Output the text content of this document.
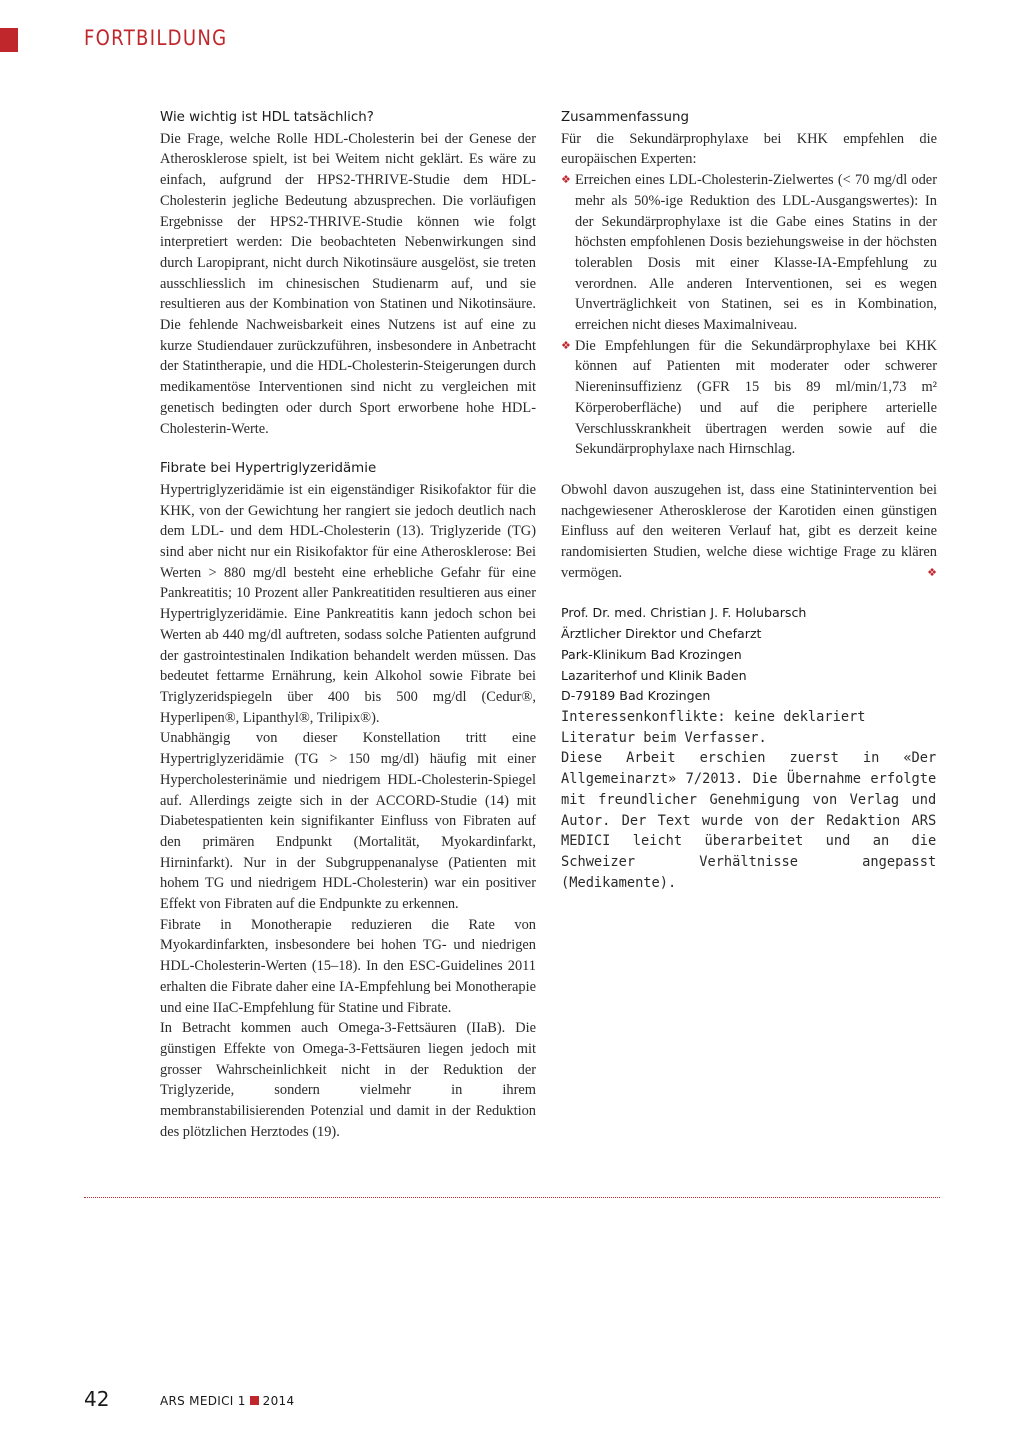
FORTBILDUNG
Wie wichtig ist HDL tatsächlich?

Die Frage, welche Rolle HDL-Cholesterin bei der Genese der Atherosklerose spielt, ist bei Weitem nicht geklärt. Es wäre zu einfach, aufgrund der HPS2-THRIVE-Studie dem HDL-Cholesterin jegliche Bedeutung abzusprechen. Die vorläufigen Ergebnisse der HPS2-THRIVE-Studie können wie folgt interpretiert werden: Die beobachteten Nebenwirkungen sind durch Laropiprant, nicht durch Nikotinsäure ausgelöst, sie treten ausschliesslich im chinesischen Studienarm auf, und sie resultieren aus der Kombination von Statinen und Nikotinsäure. Die fehlende Nachweisbarkeit eines Nutzens ist auf eine zu kurze Studiendauer zurückzuführen, insbesondere in Anbetracht der Statintherapie, und die HDL-Cholesterin-Steigerungen durch medikamentöse Interventionen sind nicht zu vergleichen mit genetisch bedingten oder durch Sport erworbene hohe HDL-Cholesterin-Werte.

Fibrate bei Hypertriglyzeridämie

Hypertriglyzeridämie ist ein eigenständiger Risikofaktor für die KHK, von der Gewichtung her rangiert sie jedoch deutlich nach dem LDL- und dem HDL-Cholesterin (13). Triglyzeride (TG) sind aber nicht nur ein Risikofaktor für eine Atherosklerose: Bei Werten > 880 mg/dl besteht eine erhebliche Gefahr für eine Pankreatitis; 10 Prozent aller Pankreatitiden resultieren aus einer Hypertriglyzeridämie. Eine Pankreatitis kann jedoch schon bei Werten ab 440 mg/dl auftreten, sodass solche Patienten aufgrund der gastrointestinalen Indikation behandelt werden müssen. Das bedeutet fettarme Ernährung, kein Alkohol sowie Fibrate bei Triglyzeridspiegeln über 400 bis 500 mg/dl (Cedur®, Hyperlipen®, Lipanthyl®, Trilipix®).

Unabhängig von dieser Konstellation tritt eine Hypertriglyzeridämie (TG > 150 mg/dl) häufig mit einer Hypercholesterinämie und niedrigem HDL-Cholesterin-Spiegel auf. Allerdings zeigte sich in der ACCORD-Studie (14) mit Diabetespatienten kein signifikanter Einfluss von Fibraten auf den primären Endpunkt (Mortalität, Myokardinfarkt, Hirninfarkt). Nur in der Subgruppenanalyse (Patienten mit hohem TG und niedrigem HDL-Cholesterin) war ein positiver Effekt von Fibraten auf die Endpunkte zu erkennen.

Fibrate in Monotherapie reduzieren die Rate von Myokardinfarkten, insbesondere bei hohen TG- und niedrigen HDL-Cholesterin-Werten (15–18). In den ESC-Guidelines 2011 erhalten die Fibrate daher eine IA-Empfehlung bei Monotherapie und eine IIaC-Empfehlung für Statine und Fibrate.

In Betracht kommen auch Omega-3-Fettsäuren (IIaB). Die günstigen Effekte von Omega-3-Fettsäuren liegen jedoch mit grosser Wahrscheinlichkeit nicht in der Reduktion der Triglyzeride, sondern vielmehr in ihrem membranstabilisierenden Potenzial und damit in der Reduktion des plötzlichen Herztodes (19).

Zusammenfassung

Für die Sekundärprophylaxe bei KHK empfehlen die europäischen Experten:

❖ Erreichen eines LDL-Cholesterin-Zielwertes (< 70 mg/dl oder mehr als 50%-ige Reduktion des LDL-Ausgangswertes): In der Sekundärprophylaxe ist die Gabe eines Statins in der höchsten empfohlenen Dosis beziehungsweise in der höchsten tolerablen Dosis mit einer Klasse-IA-Empfehlung zu verordnen. Alle anderen Interventionen, sei es wegen Unverträglichkeit von Statinen, sei es in Kombination, erreichen nicht dieses Maximalniveau.
❖ Die Empfehlungen für die Sekundärprophylaxe bei KHK können auf Patienten mit moderater oder schwerer Niereninsuffizienz (GFR 15 bis 89 ml/min/1,73 m² Körperoberfläche) und auf die periphere arterielle Verschlusskrankheit übertragen werden sowie auf die Sekundärprophylaxe nach Hirnschlag.

Obwohl davon auszugehen ist, dass eine Statinintervention bei nachgewiesener Atherosklerose der Karotiden einen günstigen Einfluss auf den weiteren Verlauf hat, gibt es derzeit keine randomisierten Studien, welche diese wichtige Frage zu klären vermögen.	❖

Prof. Dr. med. Christian J. F. Holubarsch
Ärztlicher Direktor und Chefarzt
Park-Klinikum Bad Krozingen
Lazariterhof und Klinik Baden
D-79189 Bad Krozingen

Interessenkonflikte: keine deklariert

Literatur beim Verfasser.

Diese Arbeit erschien zuerst in «Der Allgemeinarzt» 7/2013. Die Übernahme erfolgte mit freundlicher Genehmigung von Verlag und Autor. Der Text wurde von der Redaktion ARS MEDICI leicht überarbeitet und an die Schweizer Verhältnisse angepasst (Medikamente).

42	ARS MEDICI 1 2014
